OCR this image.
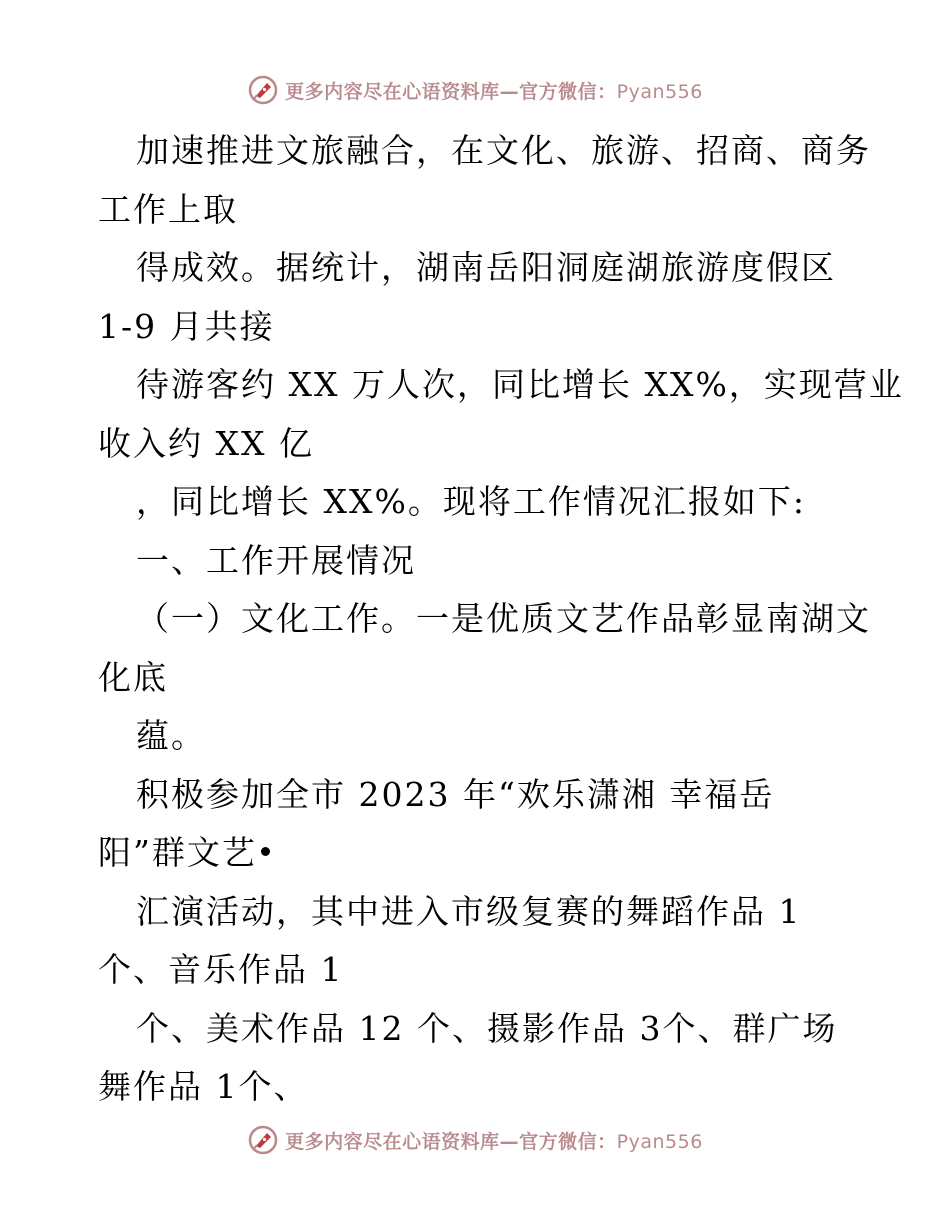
更多内容尽在心语资料库—官方微信：Pyan556
加速推进文旅融合，在文化、旅游、招商、商务
工作上取
得成效。据统计，湖南岳阳洞庭湖旅游度假区
1-9 月共接
待游客约 XX 万人次，同比增长 XX%，实现营业
收入约 XX 亿
，同比增长 XX%。现将工作情况汇报如下:
一、工作开展情况
（一）文化工作。一是优质文艺作品彰显南湖文
化底
蕴。
积极参加全市 2023 年“欢乐潇湘 幸福岳
阳”群文艺
汇演活动，其中进入市级复赛的舞蹈作品 1
个、音乐作品 1
个、美术作品 12 个、摄影作品 3个、群广场
舞作品 1个、
更多内容尽在心语资料库—官方微信：Pyan556
